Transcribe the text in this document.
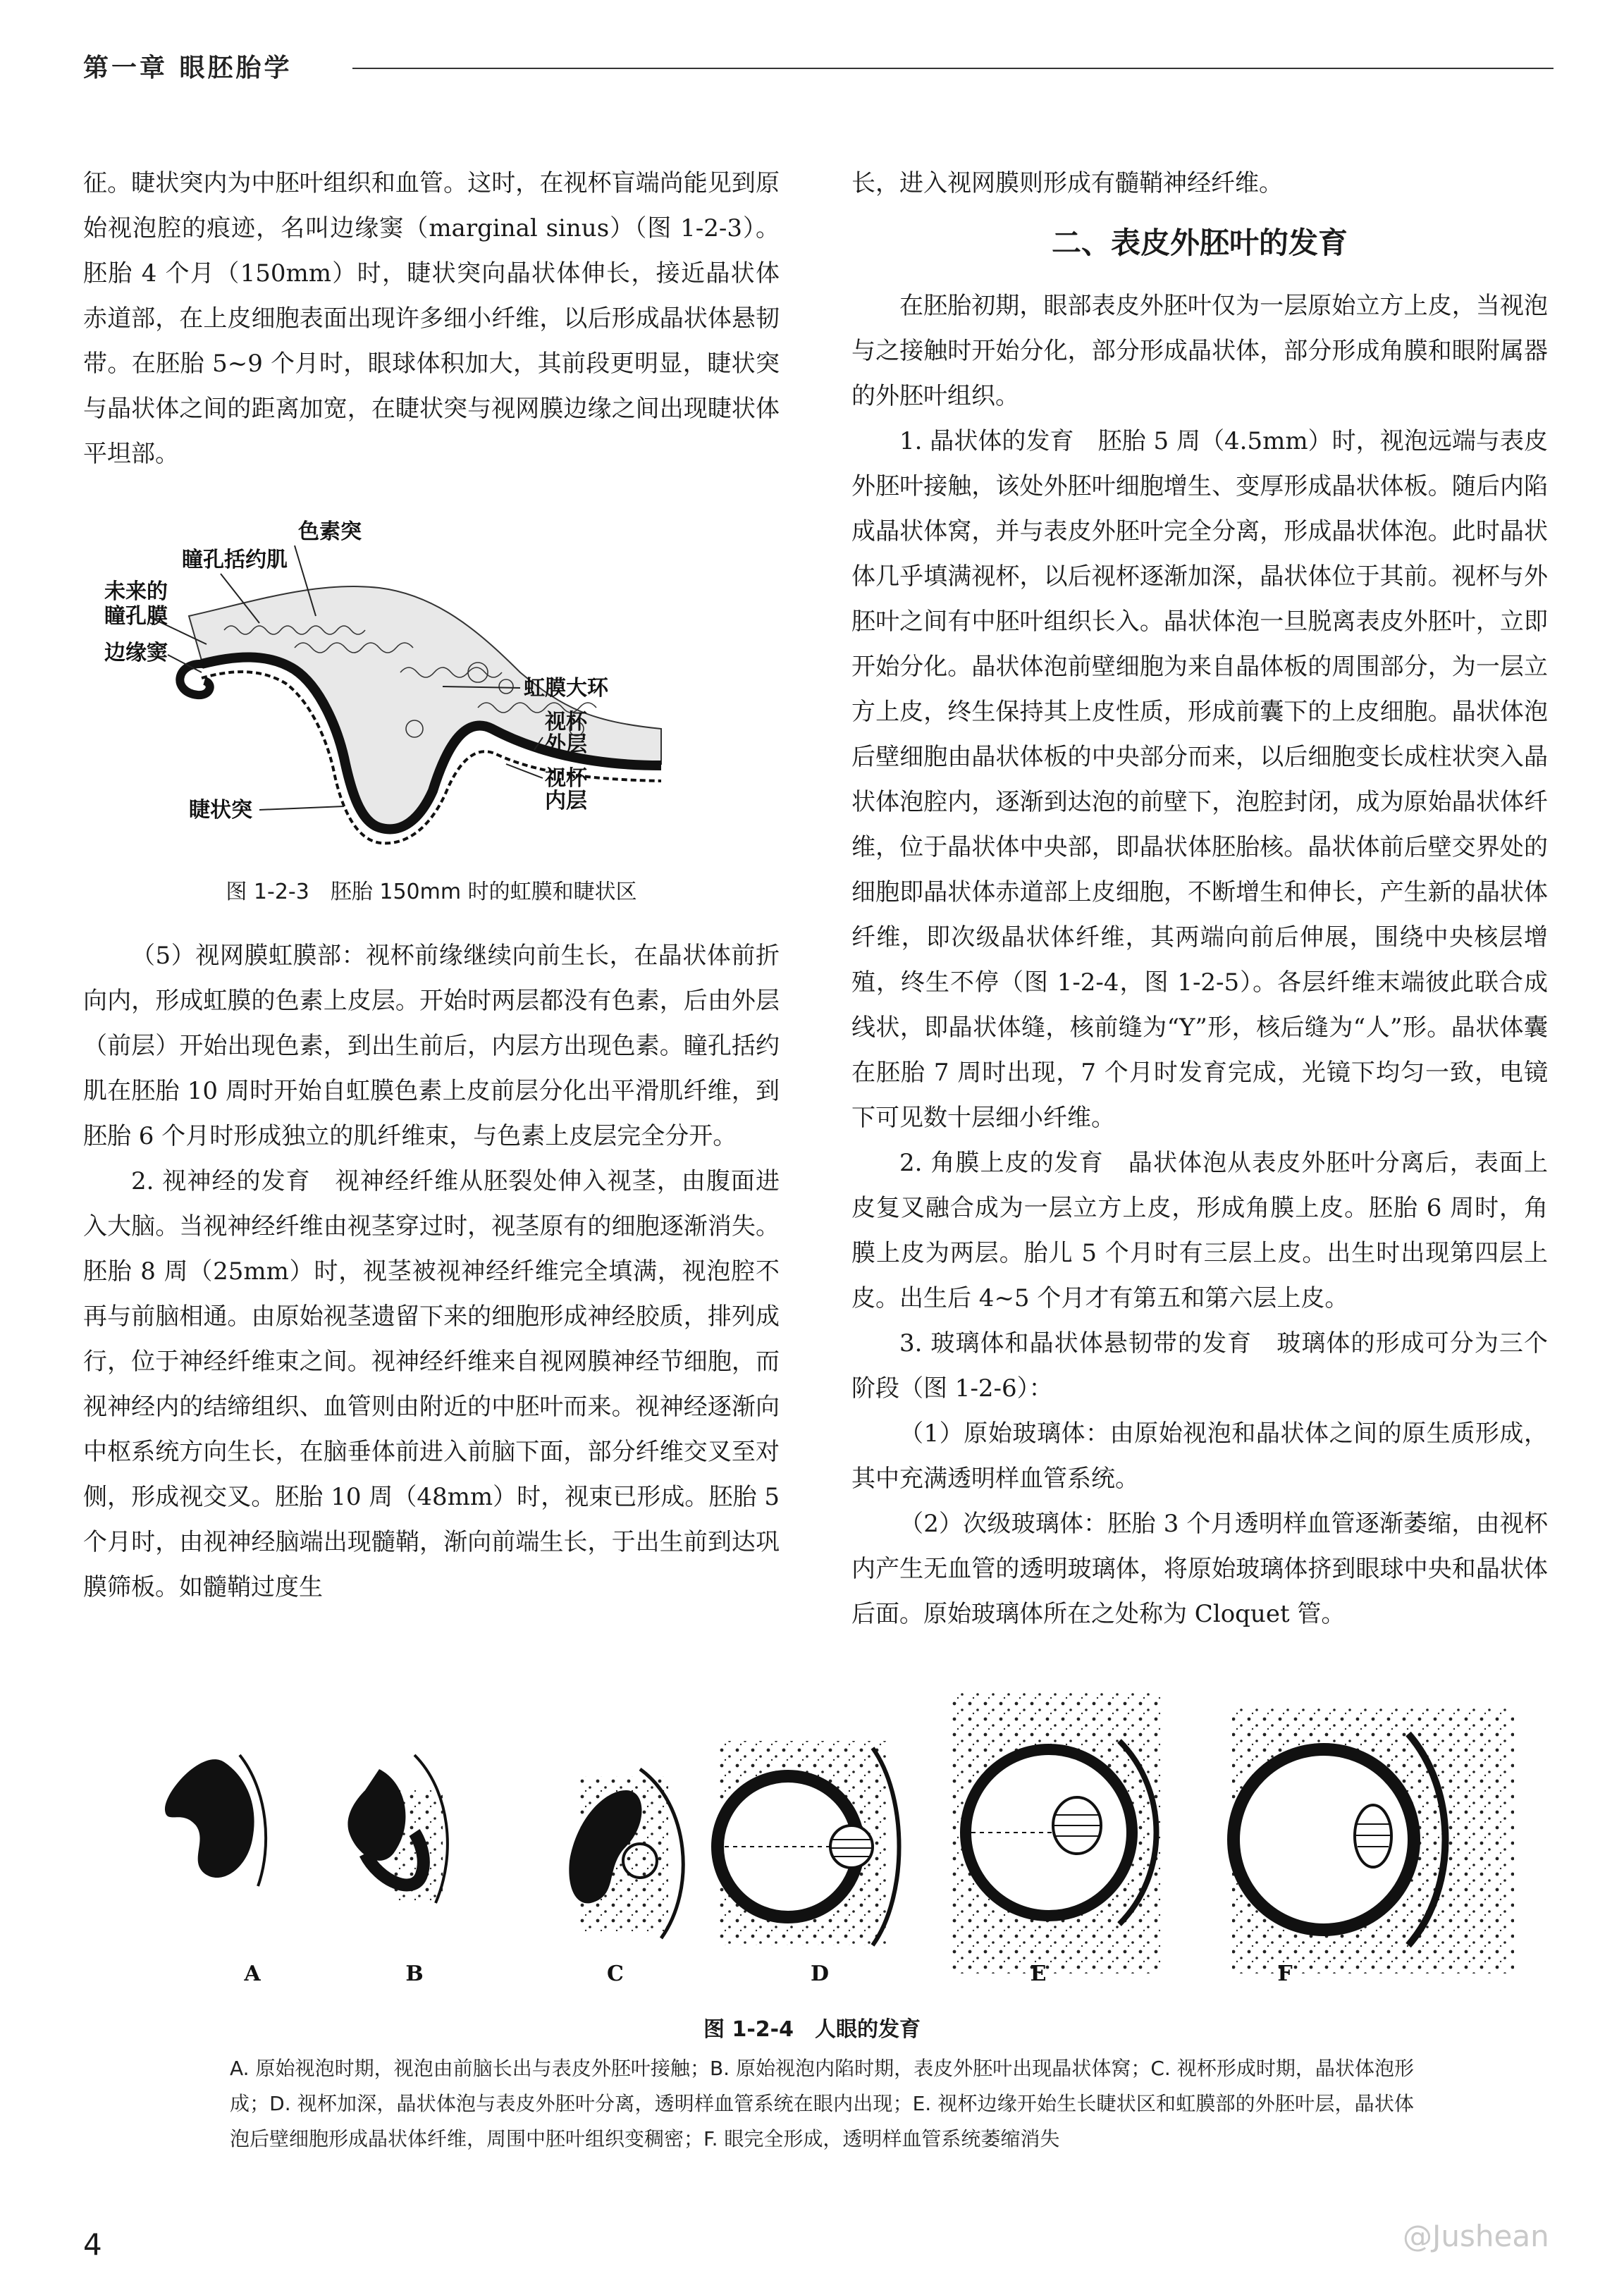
第一章 眼胚胎学

征。睫状突内为中胚叶组织和血管。这时，在视杯盲端尚能见到原始视泡腔的痕迹，名叫边缘窦（marginal sinus）（图 1-2-3）。胚胎 4 个月（150mm）时，睫状突向晶状体伸长，接近晶状体赤道部，在上皮细胞表面出现许多细小纤维，以后形成晶状体悬韧带。在胚胎 5~9 个月时，眼球体积加大，其前段更明显，睫状突与晶状体之间的距离加宽，在睫状突与视网膜边缘之间出现睫状体平坦部。

色素突
瞳孔括约肌
未来的
瞳孔膜
边缘窦
虹膜大环
视杯
外层
视杯
内层
睫状突
图 1-2-3　胚胎 150mm 时的虹膜和睫状区

（5）视网膜虹膜部：视杯前缘继续向前生长，在晶状体前折向内，形成虹膜的色素上皮层。开始时两层都没有色素，后由外层（前层）开始出现色素，到出生前后，内层方出现色素。瞳孔括约肌在胚胎 10 周时开始自虹膜色素上皮前层分化出平滑肌纤维，到胚胎 6 个月时形成独立的肌纤维束，与色素上皮层完全分开。

2. 视神经的发育　视神经纤维从胚裂处伸入视茎，由腹面进入大脑。当视神经纤维由视茎穿过时，视茎原有的细胞逐渐消失。胚胎 8 周（25mm）时，视茎被视神经纤维完全填满，视泡腔不再与前脑相通。由原始视茎遗留下来的细胞形成神经胶质，排列成行，位于神经纤维束之间。视神经纤维来自视网膜神经节细胞，而视神经内的结缔组织、血管则由附近的中胚叶而来。视神经逐渐向中枢系统方向生长，在脑垂体前进入前脑下面，部分纤维交叉至对侧，形成视交叉。胚胎 10 周（48mm）时，视束已形成。胚胎 5 个月时，由视神经脑端出现髓鞘，渐向前端生长，于出生前到达巩膜筛板。如髓鞘过度生

长，进入视网膜则形成有髓鞘神经纤维。

二、表皮外胚叶的发育

在胚胎初期，眼部表皮外胚叶仅为一层原始立方上皮，当视泡与之接触时开始分化，部分形成晶状体，部分形成角膜和眼附属器的外胚叶组织。

1. 晶状体的发育　胚胎 5 周（4.5mm）时，视泡远端与表皮外胚叶接触，该处外胚叶细胞增生、变厚形成晶状体板。随后内陷成晶状体窝，并与表皮外胚叶完全分离，形成晶状体泡。此时晶状体几乎填满视杯，以后视杯逐渐加深，晶状体位于其前。视杯与外胚叶之间有中胚叶组织长入。晶状体泡一旦脱离表皮外胚叶，立即开始分化。晶状体泡前壁细胞为来自晶体板的周围部分，为一层立方上皮，终生保持其上皮性质，形成前囊下的上皮细胞。晶状体泡后壁细胞由晶状体板的中央部分而来，以后细胞变长成柱状突入晶状体泡腔内，逐渐到达泡的前壁下，泡腔封闭，成为原始晶状体纤维，位于晶状体中央部，即晶状体胚胎核。晶状体前后壁交界处的细胞即晶状体赤道部上皮细胞，不断增生和伸长，产生新的晶状体纤维，即次级晶状体纤维，其两端向前后伸展，围绕中央核层增殖，终生不停（图 1-2-4，图 1-2-5）。各层纤维末端彼此联合成线状，即晶状体缝，核前缝为“Y”形，核后缝为“人”形。晶状体囊在胚胎 7 周时出现，7 个月时发育完成，光镜下均匀一致，电镜下可见数十层细小纤维。

2. 角膜上皮的发育　晶状体泡从表皮外胚叶分离后，表面上皮复叉融合成为一层立方上皮，形成角膜上皮。胚胎 6 周时，角膜上皮为两层。胎儿 5 个月时有三层上皮。出生时出现第四层上皮。出生后 4~5 个月才有第五和第六层上皮。

3. 玻璃体和晶状体悬韧带的发育　玻璃体的形成可分为三个阶段（图 1-2-6）：

（1）原始玻璃体：由原始视泡和晶状体之间的原生质形成，其中充满透明样血管系统。

（2）次级玻璃体：胚胎 3 个月透明样血管逐渐萎缩，由视杯内产生无血管的透明玻璃体，将原始玻璃体挤到眼球中央和晶状体后面。原始玻璃体所在之处称为 Cloquet 管。

A	B	C	D	E	F
图 1-2-4　人眼的发育
A. 原始视泡时期，视泡由前脑长出与表皮外胚叶接触；B. 原始视泡内陷时期，表皮外胚叶出现晶状体窝；C. 视杯形成时期，晶状体泡形成；D. 视杯加深，晶状体泡与表皮外胚叶分离，透明样血管系统在眼内出现；E. 视杯边缘开始生长睫状区和虹膜部的外胚叶层，晶状体泡后壁细胞形成晶状体纤维，周围中胚叶组织变稠密；F. 眼完全形成，透明样血管系统萎缩消失
4	@Jushean
